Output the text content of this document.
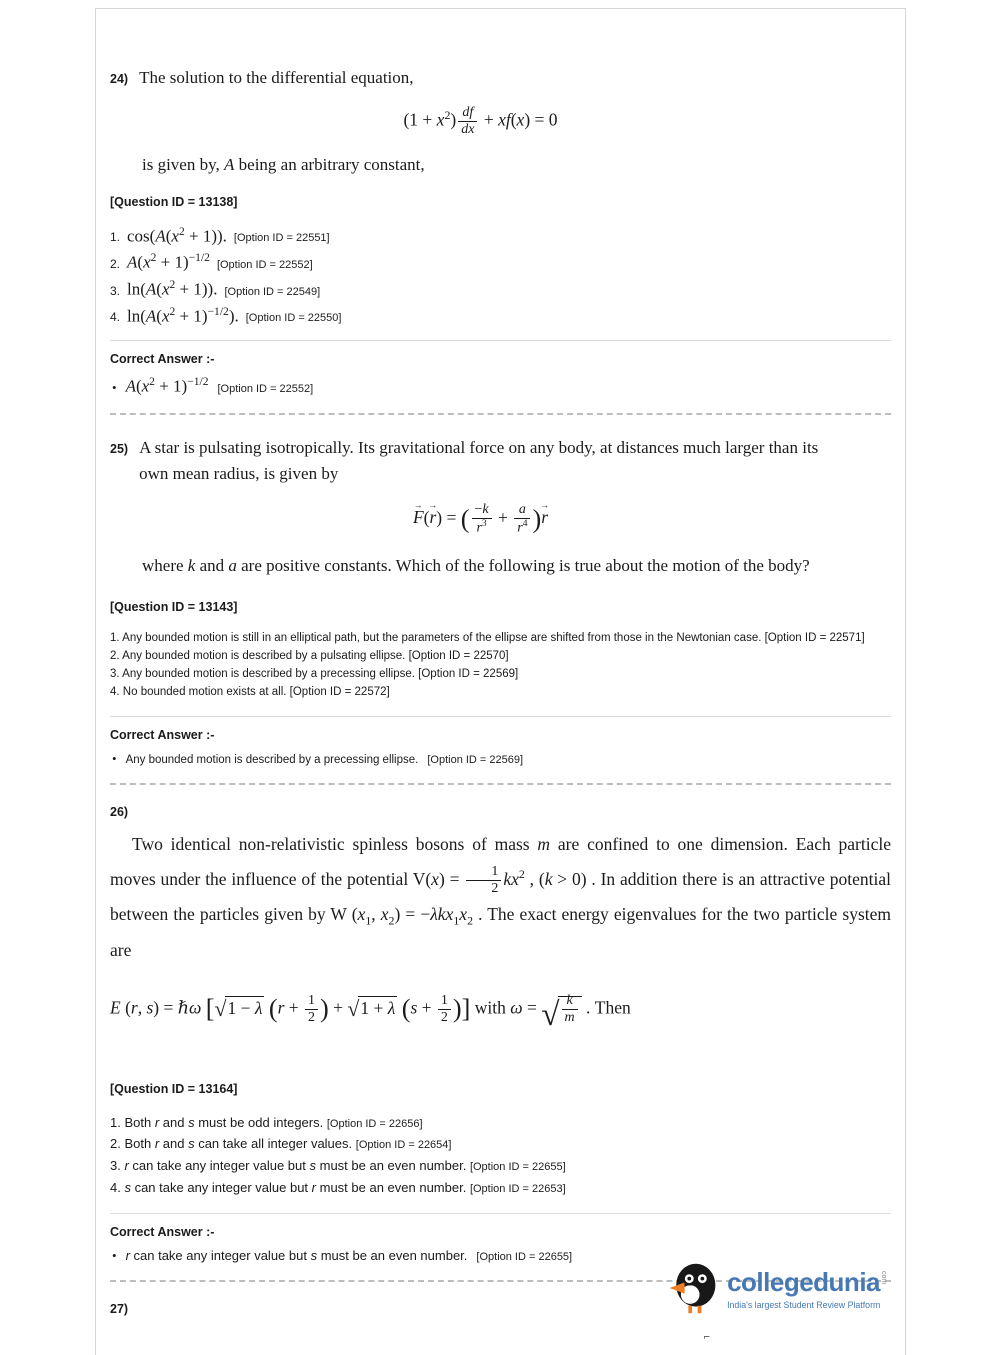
24) The solution to the differential equation,
$(1 + x^2) \frac{df}{dx} + xf(x) = 0$
is given by, A being an arbitrary constant,
[Question ID = 13138]
1. $\cos(A(x^2 + 1))$. [Option ID = 22551]
2. $A(x^2 + 1)^{-1/2}$
[Option ID = 22552]
3. $\ln(A(x^2 + 1))$. [Option ID = 22549]
4. $\ln(A(x^2 + 1)^{-1/2})$. [Option ID = 22550]
Correct Answer :-
• $A(x^2 + 1)^{-1/2}$
[Option ID = 22552]
25) A star is pulsating isotropically. Its gravitational force on any body, at distances much larger than its own mean radius, is given by
F →(r →) = ( $\frac{-k}{r^3} + \frac{a}{r^4} )r$ →
where k and a are positive constants. Which of the following is true about the motion of the body?
[Question ID = 13143]
1. Any bounded motion is still in an elliptical path, but the parameters of the ellipse are shifted from those in the Newtonian case. [Option ID = 22571]
2. Any bounded motion is described by a pulsating ellipse. [Option ID = 22570]
3. Any bounded motion is described by a precessing ellipse. [Option ID = 22569]
4. No bounded motion exists at all. [Option ID = 22572]
Correct Answer :-
• Any bounded motion is described by a precessing ellipse. [Option ID = 22569]
26)
Two identical non-relativistic spinless bosons of mass m are confined to one dimension. Each particle moves under the influence of the potential $V(x) = \frac{1}{2} kx^2$ , (k > 0) . In addition there is an attractive potential between the particles given by W ($x_1$, $x_2) = -\lambda kx_1x_2$ . The exact energy eigenvalues for the two particle system are
E (r, s) = ℏω [√1 − λ ($r + \frac{1}{2}$ ) + √1 + λ ($s + \frac{1}{2}$ )] with ω = √ $\frac{k}{m}$ . Then
[Question ID = 13164]
1. Both r and s must be odd integers. [Option ID = 22656]
2. Both r and s can take all integer values. [Option ID = 22654]
3. r can take any integer value but s must be an even number. [Option ID = 22655]
4. s can take any integer value but r must be an even number. [Option ID = 22653]
Correct Answer :-
• r can take any integer value but s must be an even number. [Option ID = 22655]
27)
collegedunia com
India's largest Student Review Platform
⌐
